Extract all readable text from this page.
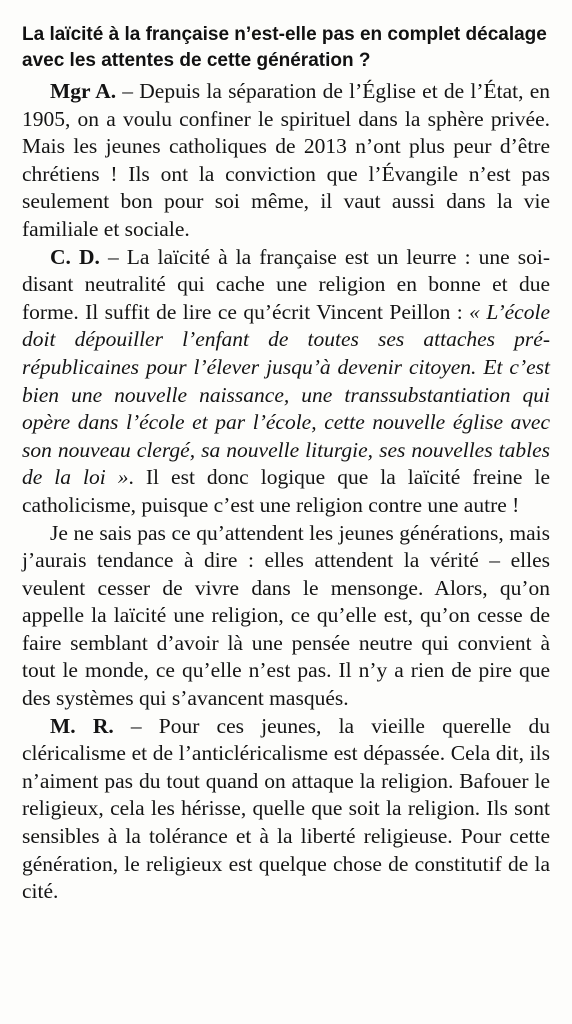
La laïcité à la française n’est-elle pas en complet décalage avec les attentes de cette génération ?

Mgr A. – Depuis la séparation de l’Église et de l’État, en 1905, on a voulu confiner le spirituel dans la sphère privée. Mais les jeunes catholiques de 2013 n’ont plus peur d’être chrétiens ! Ils ont la conviction que l’Évangile n’est pas seulement bon pour soi même, il vaut aussi dans la vie familiale et sociale.

C. D. – La laïcité à la française est un leurre : une soi-disant neutralité qui cache une religion en bonne et due forme. Il suffit de lire ce qu’écrit Vincent Peillon : « L’école doit dépouiller l’enfant de toutes ses attaches pré-républicaines pour l’élever jusqu’à devenir citoyen. Et c’est bien une nouvelle naissance, une transsubstantiation qui opère dans l’école et par l’école, cette nouvelle église avec son nouveau clergé, sa nouvelle liturgie, ses nouvelles tables de la loi ». Il est donc logique que la laïcité freine le catholicisme, puisque c’est une religion contre une autre !

Je ne sais pas ce qu’attendent les jeunes générations, mais j’aurais tendance à dire : elles attendent la vérité – elles veulent cesser de vivre dans le mensonge. Alors, qu’on appelle la laïcité une religion, ce qu’elle est, qu’on cesse de faire semblant d’avoir là une pensée neutre qui convient à tout le monde, ce qu’elle n’est pas. Il n’y a rien de pire que des systèmes qui s’avancent masqués.

M. R. – Pour ces jeunes, la vieille querelle du cléricalisme et de l’anticléricalisme est dépassée. Cela dit, ils n’aiment pas du tout quand on attaque la religion. Bafouer le religieux, cela les hérisse, quelle que soit la religion. Ils sont sensibles à la tolérance et à la liberté religieuse. Pour cette génération, le religieux est quelque chose de constitutif de la cité.
